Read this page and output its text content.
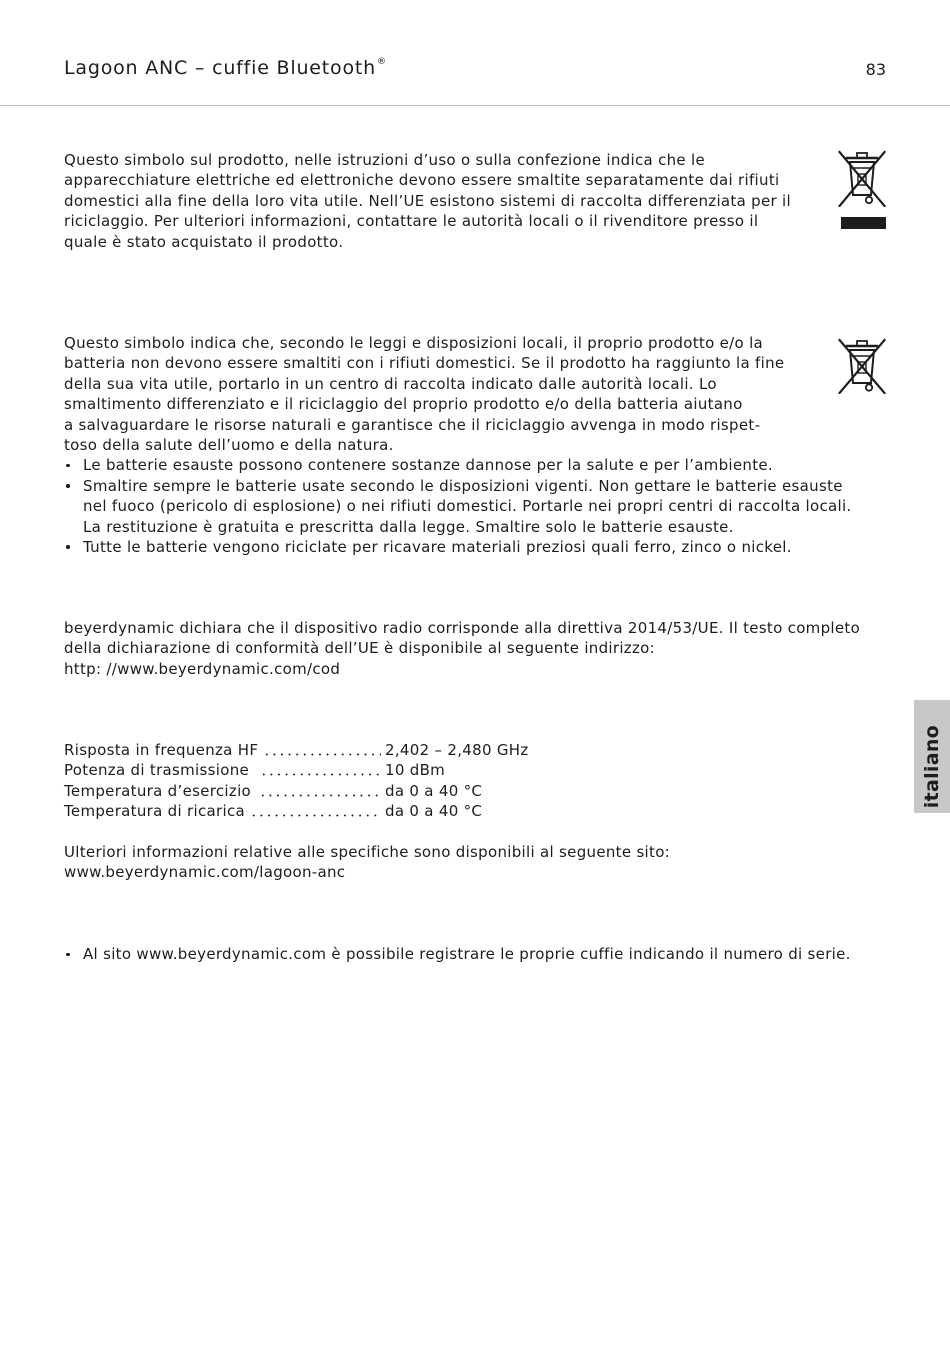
Lagoon ANC – cuffie Bluetooth®	83
Questo simbolo sul prodotto, nelle istruzioni d’uso o sulla confezione indica che le
apparecchiature elettriche ed elettroniche devono essere smaltite separatamente dai rifiuti
domestici alla fine della loro vita utile. Nell’UE esistono sistemi di raccolta differenziata per il
riciclaggio. Per ulteriori informazioni, contattare le autorità locali o il rivenditore presso il
quale è stato acquistato il prodotto.
Questo simbolo indica che, secondo le leggi e disposizioni locali, il proprio prodotto e/o la
batteria non devono essere smaltiti con i rifiuti domestici. Se il prodotto ha raggiunto la fine
della sua vita utile, portarlo in un centro di raccolta indicato dalle autorità locali. Lo
smaltimento differenziato e il riciclaggio del proprio prodotto e/o della batteria aiutano
a salvaguardare le risorse naturali e garantisce che il riciclaggio avvenga in modo rispet-
toso della salute dell’uomo e della natura.
Le batterie esauste possono contenere sostanze dannose per la salute e per l’ambiente.
Smaltire sempre le batterie usate secondo le disposizioni vigenti. Non gettare le batterie esauste
nel fuoco (pericolo di esplosione) o nei rifiuti domestici. Portarle nei propri centri di raccolta locali.
La restituzione è gratuita e prescritta dalla legge. Smaltire solo le batterie esauste.
Tutte le batterie vengono riciclate per ricavare materiali preziosi quali ferro, zinco o nickel.
beyerdynamic dichiara che il dispositivo radio corrisponde alla direttiva 2014/53/UE. Il testo completo
della dichiarazione di conformità dell’UE è disponibile al seguente indirizzo:
http: //www.beyerdynamic.com/cod
Risposta in frequenza HF	2,402 – 2,480 GHz
Potenza di trasmissione	10 dBm
Temperatura d’esercizio	da 0 a 40 °C
Temperatura di ricarica	da 0 a 40 °C
Ulteriori informazioni relative alle specifiche sono disponibili al seguente sito:
www.beyerdynamic.com/lagoon-anc
Al sito www.beyerdynamic.com è possibile registrare le proprie cuffie indicando il numero di serie.
italiano
